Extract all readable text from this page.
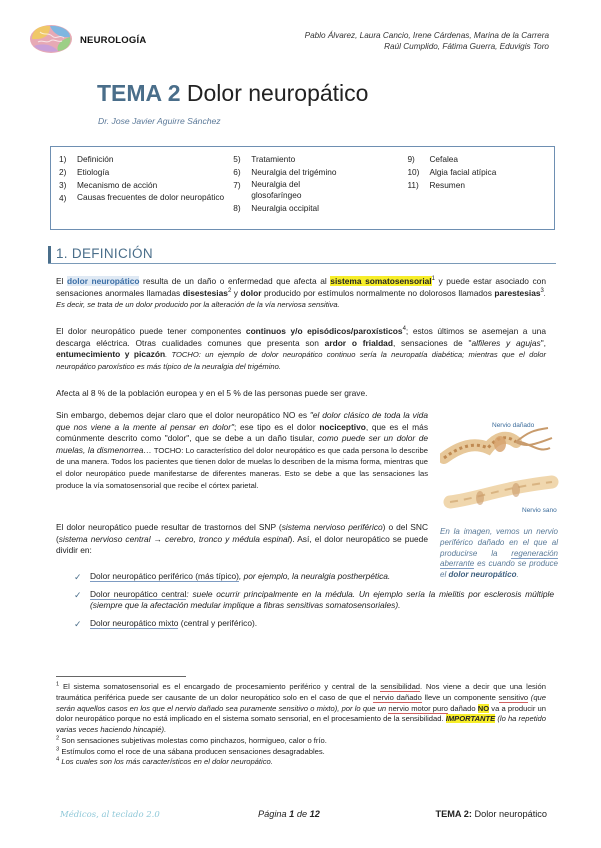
NEUROLOGÍA	Pablo Álvarez, Laura Cancio, Irene Cárdenas, Marina de la Carrera
Raúl Cumplido, Fátima Guerra, Eduvigis Toro
TEMA 2 Dolor neuropático
Dr. Jose Javier Aguirre Sánchez
1)	Definición
2)	Etiología
3)	Mecanismo de acción
4)	Causas frecuentes de dolor neuropático
5)	Tratamiento
6)	Neuralgia del trigémino
7)	Neuralgia del glosofaríngeo
8)	Neuralgia occipital
9)	Cefalea
10)	Algia facial atípica
11)	Resumen
1. DEFINICIÓN
El dolor neuropático resulta de un daño o enfermedad que afecta al sistema somatosensorial$^1$ y puede estar asociado con sensaciones anormales llamadas disestesias$^2$ y dolor producido por estímulos normalmente no dolorosos llamados parestesias$^3$. Es decir, se trata de un dolor producido por la alteración de la vía nerviosa sensitiva.
El dolor neuropático puede tener componentes continuos y/o episódicos/paroxísticos$^4$; estos últimos se asemejan a una descarga eléctrica. Otras cualidades comunes que presenta son ardor o frialdad, sensaciones de "alfileres y agujas", entumecimiento y picazón. TOCHO: un ejemplo de dolor neuropático continuo sería la neuropatía diabética; mientras que el dolor neuropático paroxístico es más típico de la neuralgia del trigémino.
Afecta al 8 % de la población europea y en el 5 % de las personas puede ser grave.
Sin embargo, debemos dejar claro que el dolor neuropático NO es "el dolor clásico de toda la vida que nos viene a la mente al pensar en dolor"; ese tipo es el dolor nociceptivo, que es el más comúnmente descrito como "dolor", que se debe a un daño tisular, como puede ser un dolor de muelas, la dismenorrea… TOCHO: Lo característico del dolor neuropático es que cada persona lo describe de una manera. Todos los pacientes que tienen dolor de muelas lo describen de la misma forma, mientras que el dolor neuropático puede manifestarse de diferentes maneras. Esto se debe a que las sensaciones las produce la vía somatosensorial que recibe el córtex parietal.
Nervio dañado
Nervio sano
En la imagen, vemos un nervio periférico dañado en el que al producirse la regeneración aberrante es cuando se produce el dolor neuropático.
El dolor neuropático puede resultar de trastornos del SNP (sistema nervioso periférico) o del SNC (sistema nervioso central → cerebro, tronco y médula espinal). Así, el dolor neuropático se puede dividir en:
✓ Dolor neuropático periférico (más típico), por ejemplo, la neuralgia postherpética.
✓ Dolor neuropático central: suele ocurrir principalmente en la médula. Un ejemplo sería la mielitis por esclerosis múltiple (siempre que la afectación medular implique a fibras sensitivas somatosensoriales).
✓ Dolor neuropático mixto (central y periférico).
$^1$ El sistema somatosensorial es el encargado de procesamiento periférico y central de la sensibilidad. Nos viene a decir que una lesión traumática periférica puede ser causante de un dolor neuropático solo en el caso de que el nervio dañado lleve un componente sensitivo (que serán aquellos casos en los que el nervio dañado sea puramente sensitivo o mixto), por lo que un nervio motor puro dañado NO va a producir un dolor neuropático porque no está implicado en el sistema somato sensorial, en el procesamiento de la sensibilidad. IMPORTANTE (lo ha repetido varias veces haciendo hincapié).
$^2$ Son sensaciones subjetivas molestas como pinchazos, hormigueo, calor o frío.
$^3$ Estímulos como el roce de una sábana producen sensaciones desagradables.
$^4$ Los cuales son los más característicos en el dolor neuropático.
Médicos, al teclado 2.0	Página 1 de 12	TEMA 2: Dolor neuropático
